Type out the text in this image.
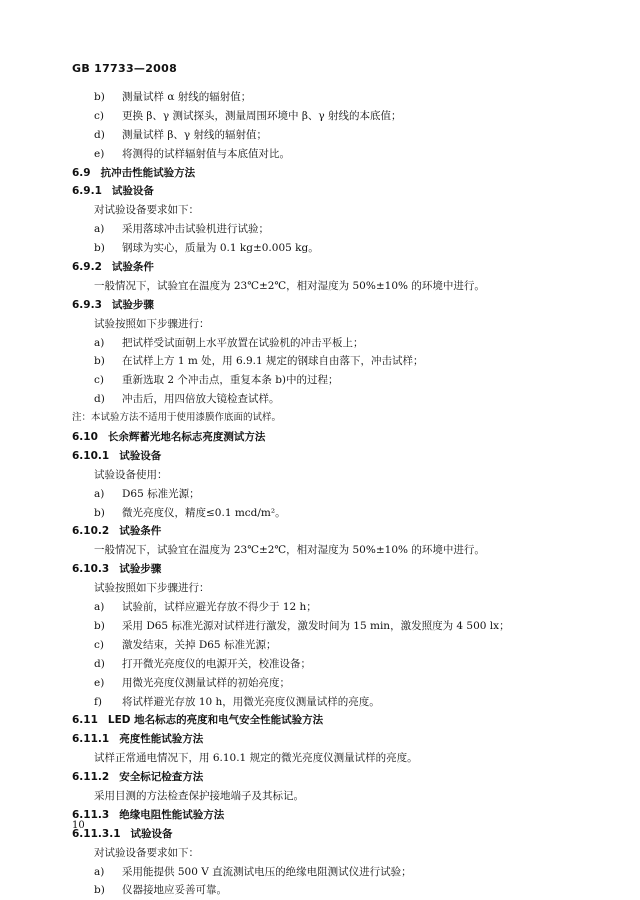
GB 17733—2008
b) 测量试样 α 射线的辐射值；
c) 更换 β、γ 测试探头，测量周围环境中 β、γ 射线的本底值；
d) 测量试样 β、γ 射线的辐射值；
e) 将测得的试样辐射值与本底值对比。
6.9 抗冲击性能试验方法
6.9.1 试验设备
对试验设备要求如下：
a) 采用落球冲击试验机进行试验；
b) 钢球为实心，质量为 0.1 kg±0.005 kg。
6.9.2 试验条件
一般情况下，试验宜在温度为 23℃±2℃，相对湿度为 50%±10% 的环境中进行。
6.9.3 试验步骤
试验按照如下步骤进行：
a) 把试样受试面朝上水平放置在试验机的冲击平板上；
b) 在试样上方 1 m 处，用 6.9.1 规定的钢球自由落下，冲击试样；
c) 重新选取 2 个冲击点，重复本条 b)中的过程；
d) 冲击后，用四倍放大镜检查试样。
注：本试验方法不适用于使用漆膜作底面的试样。
6.10 长余辉蓄光地名标志亮度测试方法
6.10.1 试验设备
试验设备使用：
a) D65 标准光源；
b) 微光亮度仪，精度≤0.1 mcd/m²。
6.10.2 试验条件
一般情况下，试验宜在温度为 23℃±2℃，相对湿度为 50%±10% 的环境中进行。
6.10.3 试验步骤
试验按照如下步骤进行：
a) 试验前，试样应避光存放不得少于 12 h；
b) 采用 D65 标准光源对试样进行激发，激发时间为 15 min，激发照度为 4 500 lx；
c) 激发结束，关掉 D65 标准光源；
d) 打开微光亮度仪的电源开关，校准设备；
e) 用微光亮度仪测量试样的初始亮度；
f) 将试样避光存放 10 h，用微光亮度仪测量试样的亮度。
6.11 LED 地名标志的亮度和电气安全性能试验方法
6.11.1 亮度性能试验方法
试样正常通电情况下，用 6.10.1 规定的微光亮度仪测量试样的亮度。
6.11.2 安全标记检查方法
采用目测的方法检查保护接地端子及其标记。
6.11.3 绝缘电阻性能试验方法
6.11.3.1 试验设备
对试验设备要求如下：
a) 采用能提供 500 V 直流测试电压的绝缘电阻测试仪进行试验；
b) 仪器接地应妥善可靠。
10
